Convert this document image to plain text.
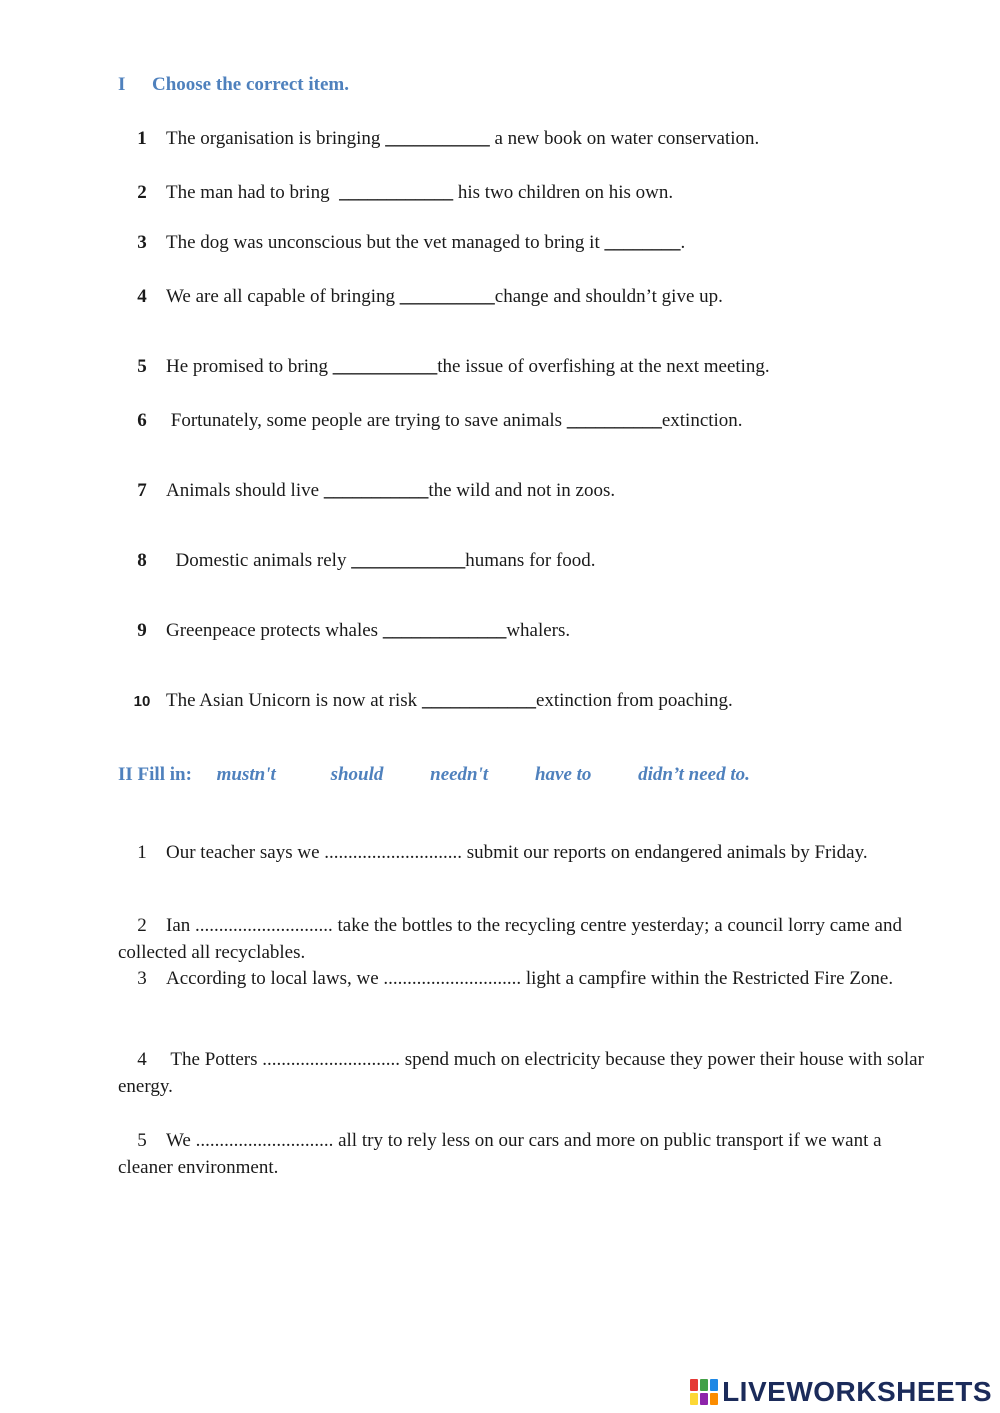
I Choose the correct item.
1 The organisation is bringing ___________ a new book on water conservation.
2 The man had to bring  ____________ his two children on his own.
3 The dog was unconscious but the vet managed to bring it ________.
4 We are all capable of bringing __________change and shouldn’t give up.
5 He promised to bring ___________the issue of overfishing at the next meeting.
6 Fortunately, some people are trying to save animals __________extinction.
7 Animals should live ___________the wild and not in zoos.
8  Domestic animals rely ____________humans for food.
9 Greenpeace protects whales _____________whalers.
10 The Asian Unicorn is now at risk ____________extinction from poaching.
II Fill in: mustn't	should needn't have to didn’t need to.
1 Our teacher says we ............................. submit our reports on endangered animals by Friday.
2 Ian ............................. take the bottles to the recycling centre yesterday; a council lorry came and collected all recyclables.
3 According to local laws, we ............................. light a campfire within the Restricted Fire Zone.
4 The Potters ............................. spend much on electricity because they power their house with solar energy.
5 We ............................. all try to rely less on our cars and more on public transport if we want a cleaner environment.
LIVEWORKSHEETS
